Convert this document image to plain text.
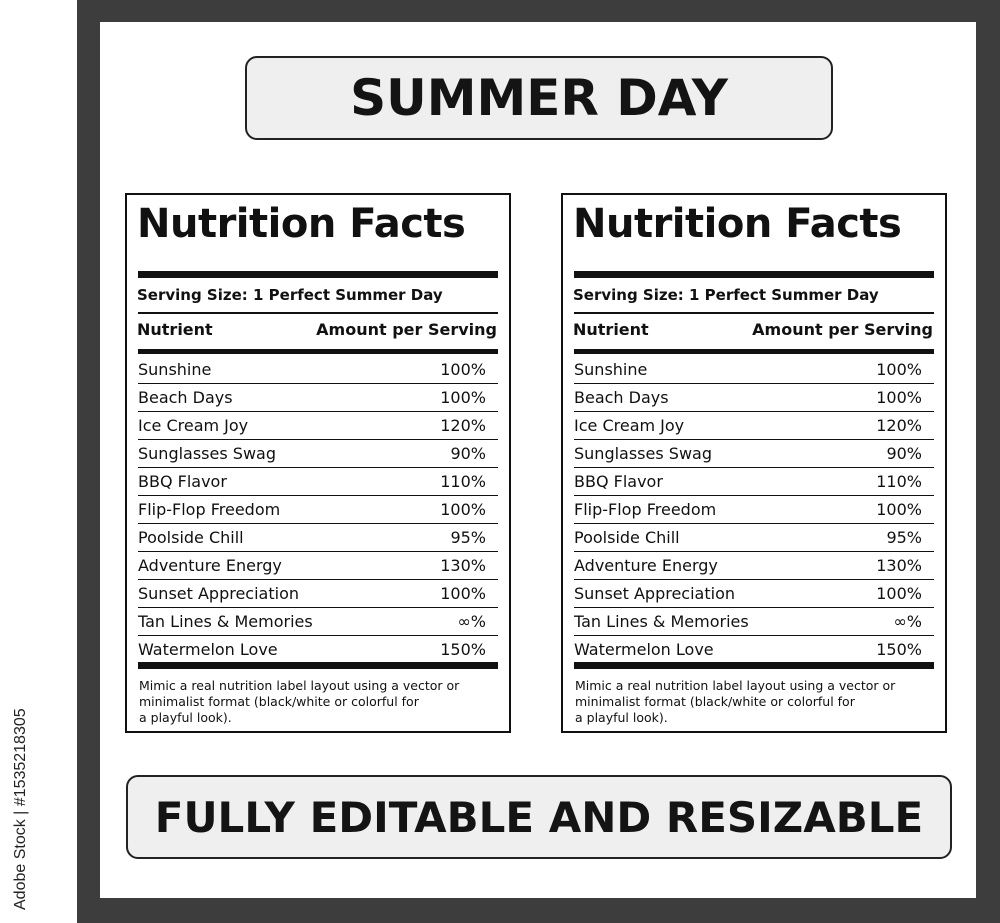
Adobe Stock | #1535218305
SUMMER DAY
Nutrition Facts
Serving Size: 1 Perfect Summer Day
Nutrient	Amount per Serving
Sunshine	100%
Beach Days	100%
Ice Cream Joy	120%
Sunglasses Swag	90%
BBQ Flavor	110%
Flip-Flop Freedom	100%
Poolside Chill	95%
Adventure Energy	130%
Sunset Appreciation	100%
Tan Lines & Memories	∞%
Watermelon Love	150%
Mimic a real nutrition label layout using a vector or
minimalist format (black/white or colorful for
a playful look).
Nutrition Facts
Serving Size: 1 Perfect Summer Day
Nutrient	Amount per Serving
Sunshine	100%
Beach Days	100%
Ice Cream Joy	120%
Sunglasses Swag	90%
BBQ Flavor	110%
Flip-Flop Freedom	100%
Poolside Chill	95%
Adventure Energy	130%
Sunset Appreciation	100%
Tan Lines & Memories	∞%
Watermelon Love	150%
Mimic a real nutrition label layout using a vector or
minimalist format (black/white or colorful for
a playful look).
FULLY EDITABLE AND RESIZABLE
